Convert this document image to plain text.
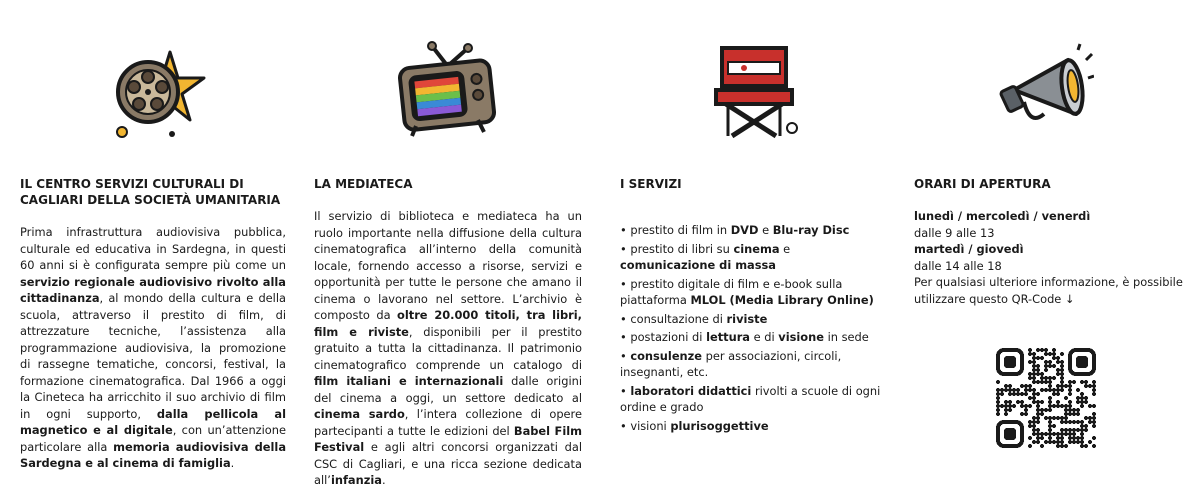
IL CENTRO SERVIZI CULTURALI DI CAGLIARI DELLA SOCIETÀ UMANITARIA

Prima infrastruttura audiovisiva pubblica, culturale ed educativa in Sardegna, in questi 60 anni si è configurata sempre più come un servizio regionale audiovisivo rivolto alla cittadinanza, al mondo della cultura e della scuola, attraverso il prestito di film, di attrezzature tecniche, l’assistenza alla programmazione audiovisiva, la promozione di rassegne tematiche, concorsi, festival, la formazione cinematografica. Dal 1966 a oggi la Cineteca ha arricchito il suo archivio di film in ogni supporto, dalla pellicola al magnetico e al digitale, con un’attenzione particolare alla memoria audiovisiva della Sardegna e al cinema di famiglia.

LA MEDIATECA

Il servizio di biblioteca e mediateca ha un ruolo importante nella diffusione della cultura cinematografica all’interno della comunità locale, fornendo accesso a risorse, servizi e opportunità per tutte le persone che amano il cinema o lavorano nel settore. L’archivio è composto da oltre 20.000 titoli, tra libri, film e riviste, disponibili per il prestito gratuito a tutta la cittadinanza. Il patrimonio cinematografico comprende un catalogo di film italiani e internazionali dalle origini del cinema a oggi, un settore dedicato al cinema sardo, l’intera collezione di opere partecipanti a tutte le edizioni del Babel Film Festival e agli altri concorsi organizzati dal CSC di Cagliari, e una ricca sezione dedicata all’infanzia.

I SERVIZI
• prestito di film in DVD e Blu-ray Disc
• prestito di libri su cinema e comunicazione di massa
• prestito digitale di film e e-book sulla piattaforma MLOL (Media Library Online)
• consultazione di riviste
• postazioni di lettura e di visione in sede
• consulenze per associazioni, circoli, insegnanti, etc.
• laboratori didattici rivolti a scuole di ogni ordine e grado
• visioni plurisoggettive
ORARI DI APERTURA

lunedì / mercoledì / venerdì

dalle 9 alle 13

martedì / giovedì

dalle 14 alle 18

Per qualsiasi ulteriore informazione, è possibile utilizzare questo QR-Code ↓
